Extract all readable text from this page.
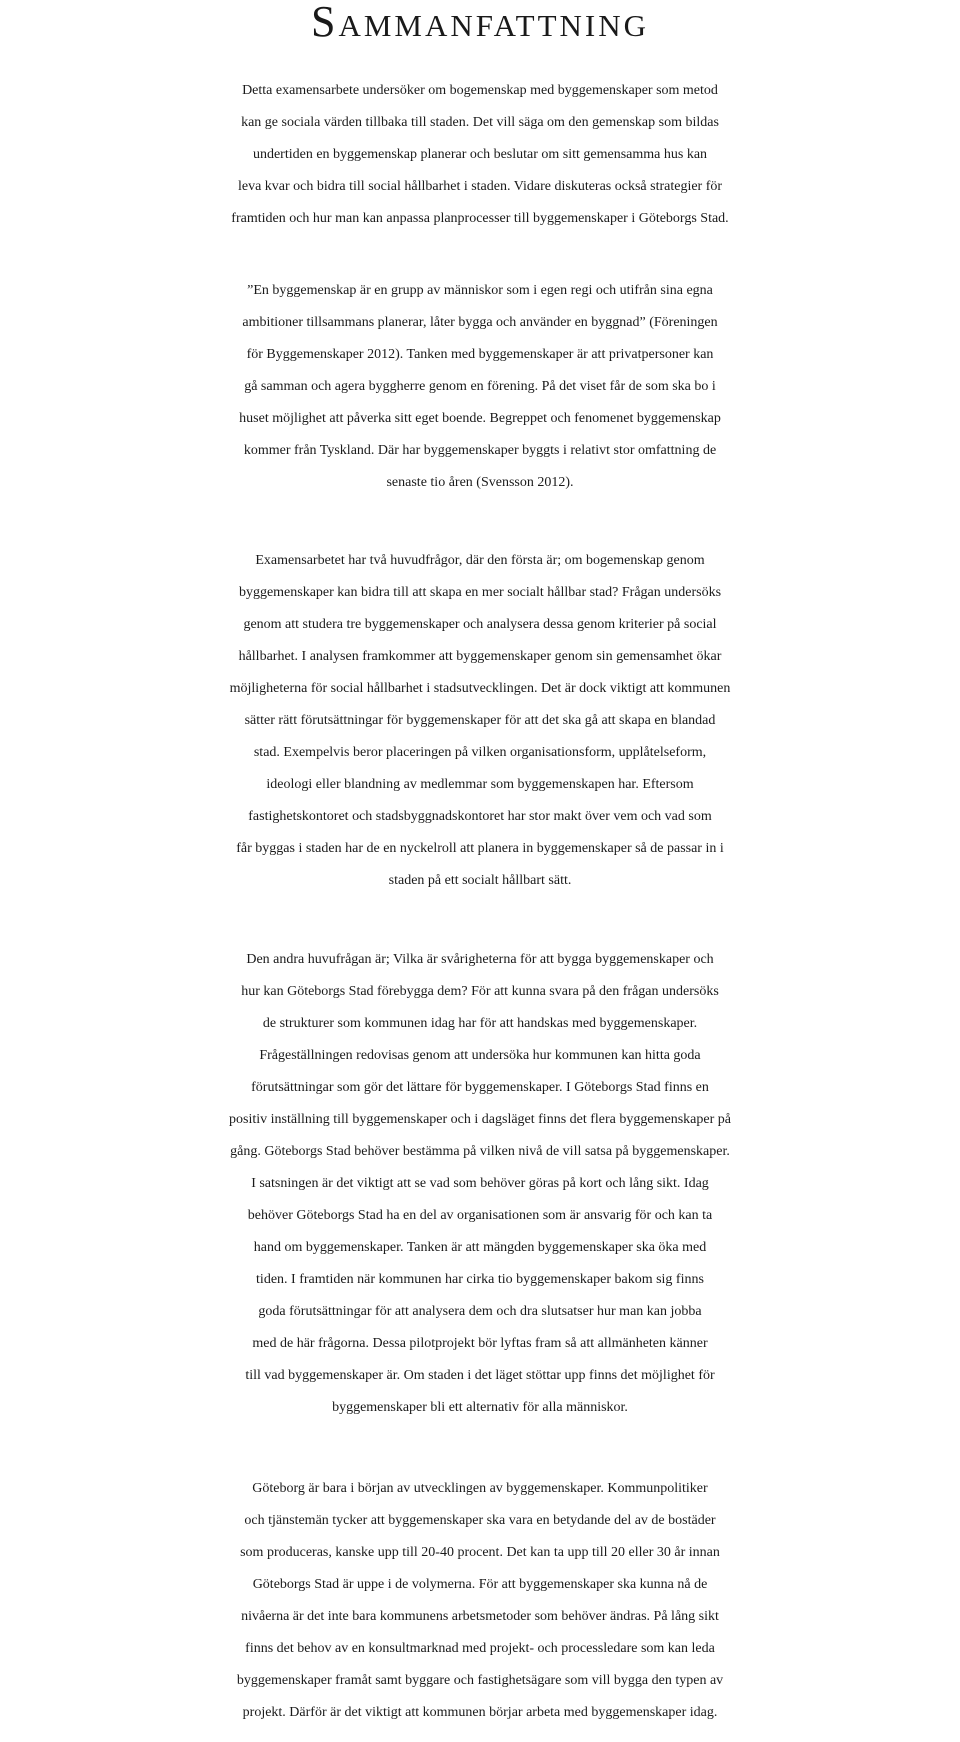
Sammanfattning
Detta examensarbete undersöker om bogemenskap med byggemenskaper som metod
kan ge sociala värden tillbaka till staden. Det vill säga om den gemenskap som bildas
undertiden en byggemenskap planerar och beslutar om sitt gemensamma hus kan
leva kvar och bidra till social hållbarhet i staden. Vidare diskuteras också strategier för
framtiden och hur man kan anpassa planprocesser till byggemenskaper i Göteborgs Stad.
”En byggemenskap är en grupp av människor som i egen regi och utifrån sina egna
ambitioner tillsammans planerar, låter bygga och använder en byggnad” (Föreningen
för Byggemenskaper 2012). Tanken med byggemenskaper är att privatpersoner kan
gå samman och agera byggherre genom en förening. På det viset får de som ska bo i
huset möjlighet att påverka sitt eget boende. Begreppet och fenomenet byggemenskap
kommer från Tyskland. Där har byggemenskaper byggts i relativt stor omfattning de
senaste tio åren (Svensson 2012).
Examensarbetet har två huvudfrågor, där den första är; om bogemenskap genom
byggemenskaper kan bidra till att skapa en mer socialt hållbar stad? Frågan undersöks
genom att studera tre byggemenskaper och analysera dessa genom kriterier på social
hållbarhet. I analysen framkommer att byggemenskaper genom sin gemensamhet ökar
möjligheterna för social hållbarhet i stadsutvecklingen. Det är dock viktigt att kommunen
sätter rätt förutsättningar för byggemenskaper för att det ska gå att skapa en blandad
stad. Exempelvis beror placeringen på vilken organisationsform, upplåtelseform,
ideologi eller blandning av medlemmar som byggemenskapen har. Eftersom
fastighetskontoret och stadsbyggnadskontoret har stor makt över vem och vad som
får byggas i staden har de en nyckelroll att planera in byggemenskaper så de passar in i
staden på ett socialt hållbart sätt.
Den andra huvufrågan är; Vilka är svårigheterna för att bygga byggemenskaper och
hur kan Göteborgs Stad förebygga dem? För att kunna svara på den frågan undersöks
de strukturer som kommunen idag har för att handskas med byggemenskaper.
Frågeställningen redovisas genom att undersöka hur kommunen kan hitta goda
förutsättningar som gör det lättare för byggemenskaper. I Göteborgs Stad finns en
positiv inställning till byggemenskaper och i dagsläget finns det flera byggemenskaper på
gång. Göteborgs Stad behöver bestämma på vilken nivå de vill satsa på byggemenskaper.
I satsningen är det viktigt att se vad som behöver göras på kort och lång sikt. Idag
behöver Göteborgs Stad ha en del av organisationen som är ansvarig för och kan ta
hand om byggemenskaper. Tanken är att mängden byggemenskaper ska öka med
tiden. I framtiden när kommunen har cirka tio byggemenskaper bakom sig finns
goda förutsättningar för att analysera dem och dra slutsatser hur man kan jobba
med de här frågorna. Dessa pilotprojekt bör lyftas fram så att allmänheten känner
till vad byggemenskaper är. Om staden i det läget stöttar upp finns det möjlighet för
byggemenskaper bli ett alternativ för alla människor.
Göteborg är bara i början av utvecklingen av byggemenskaper. Kommunpolitiker
och tjänstemän tycker att byggemenskaper ska vara en betydande del av de bostäder
som produceras, kanske upp till 20-40 procent. Det kan ta upp till 20 eller 30 år innan
Göteborgs Stad är uppe i de volymerna. För att byggemenskaper ska kunna nå de
nivåerna är det inte bara kommunens arbetsmetoder som behöver ändras. På lång sikt
finns det behov av en konsultmarknad med projekt- och processledare som kan leda
byggemenskaper framåt samt byggare och fastighetsägare som vill bygga den typen av
projekt. Därför är det viktigt att kommunen börjar arbeta med byggemenskaper idag.
